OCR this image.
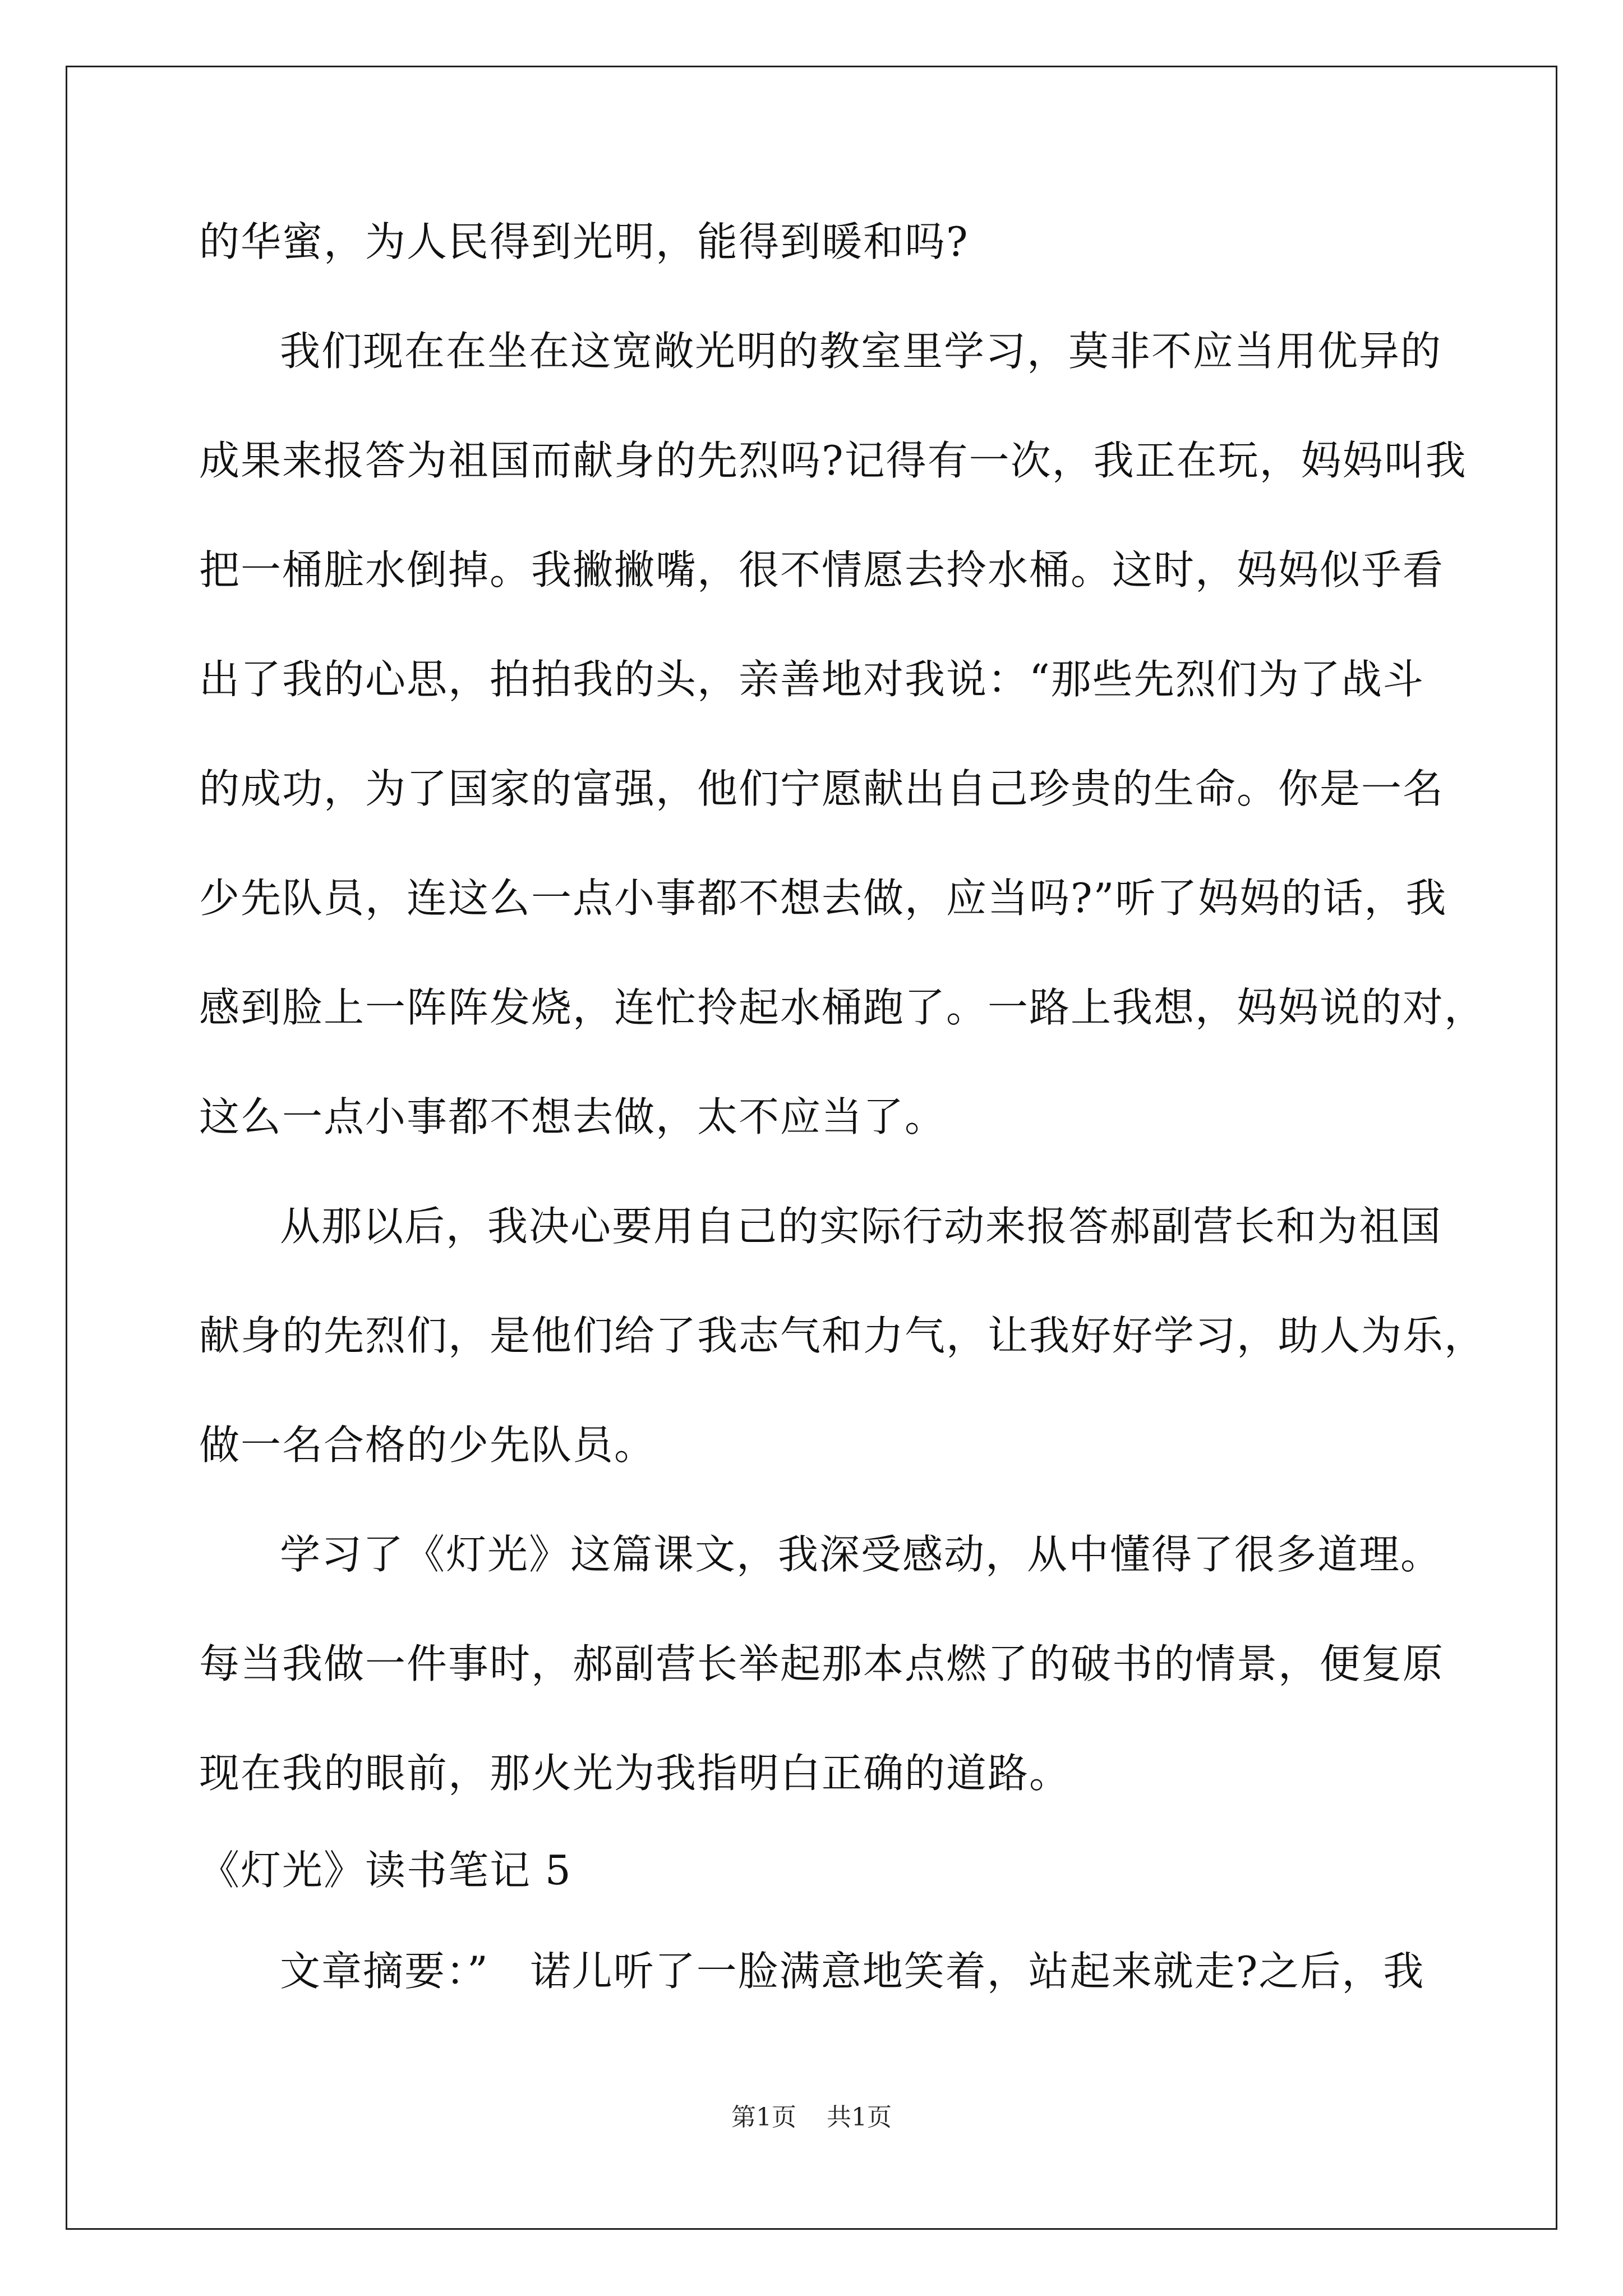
的华蜜，为人民得到光明，能得到暖和吗?
我们现在在坐在这宽敞光明的教室里学习，莫非不应当用优异的
成果来报答为祖国而献身的先烈吗?记得有一次，我正在玩，妈妈叫我
把一桶脏水倒掉。我撇撇嘴，很不情愿去拎水桶。这时，妈妈似乎看
出了我的心思，拍拍我的头，亲善地对我说：“那些先烈们为了战斗
的成功，为了国家的富强，他们宁愿献出自己珍贵的生命。你是一名
少先队员，连这么一点小事都不想去做，应当吗?”听了妈妈的话，我
感到脸上一阵阵发烧，连忙拎起水桶跑了。一路上我想，妈妈说的对，
这么一点小事都不想去做，太不应当了。
从那以后，我决心要用自己的实际行动来报答郝副营长和为祖国
献身的先烈们，是他们给了我志气和力气，让我好好学习，助人为乐，
做一名合格的少先队员。
学习了《灯光》这篇课文，我深受感动，从中懂得了很多道理。
每当我做一件事时，郝副营长举起那本点燃了的破书的情景，便复原
现在我的眼前，那火光为我指明白正确的道路。
《灯光》读书笔记 5
文章摘要：”　诺儿听了一脸满意地笑着，站起来就走?之后，我
第1页 共1页
